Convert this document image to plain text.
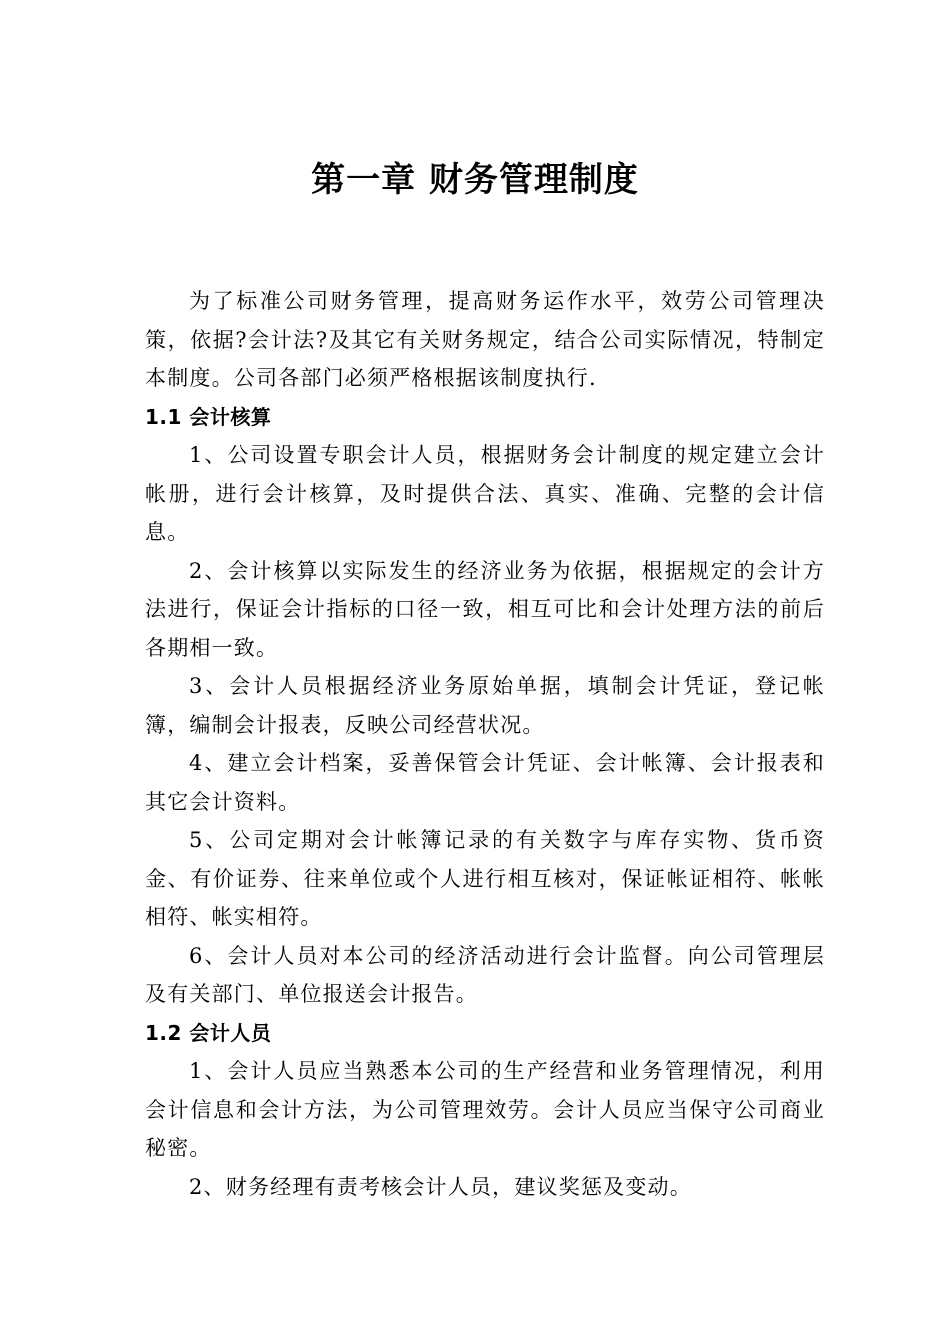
第一章 财务管理制度

为了标准公司财务管理，提高财务运作水平，效劳公司管理决策，依据?会计法?及其它有关财务规定，结合公司实际情况，特制定本制度。公司各部门必须严格根据该制度执行.

1.1 会计核算

1、公司设置专职会计人员，根据财务会计制度的规定建立会计帐册，进行会计核算，及时提供合法、真实、准确、完整的会计信息。

2、会计核算以实际发生的经济业务为依据，根据规定的会计方法进行，保证会计指标的口径一致，相互可比和会计处理方法的前后各期相一致。

3、会计人员根据经济业务原始单据，填制会计凭证，登记帐簿，编制会计报表，反映公司经营状况。

4、建立会计档案，妥善保管会计凭证、会计帐簿、会计报表和其它会计资料。

5、公司定期对会计帐簿记录的有关数字与库存实物、货币资金、有价证券、往来单位或个人进行相互核对，保证帐证相符、帐帐相符、帐实相符。

6、会计人员对本公司的经济活动进行会计监督。向公司管理层及有关部门、单位报送会计报告。

1.2 会计人员

1、会计人员应当熟悉本公司的生产经营和业务管理情况，利用会计信息和会计方法，为公司管理效劳。会计人员应当保守公司商业秘密。

2、财务经理有责考核会计人员，建议奖惩及变动。
